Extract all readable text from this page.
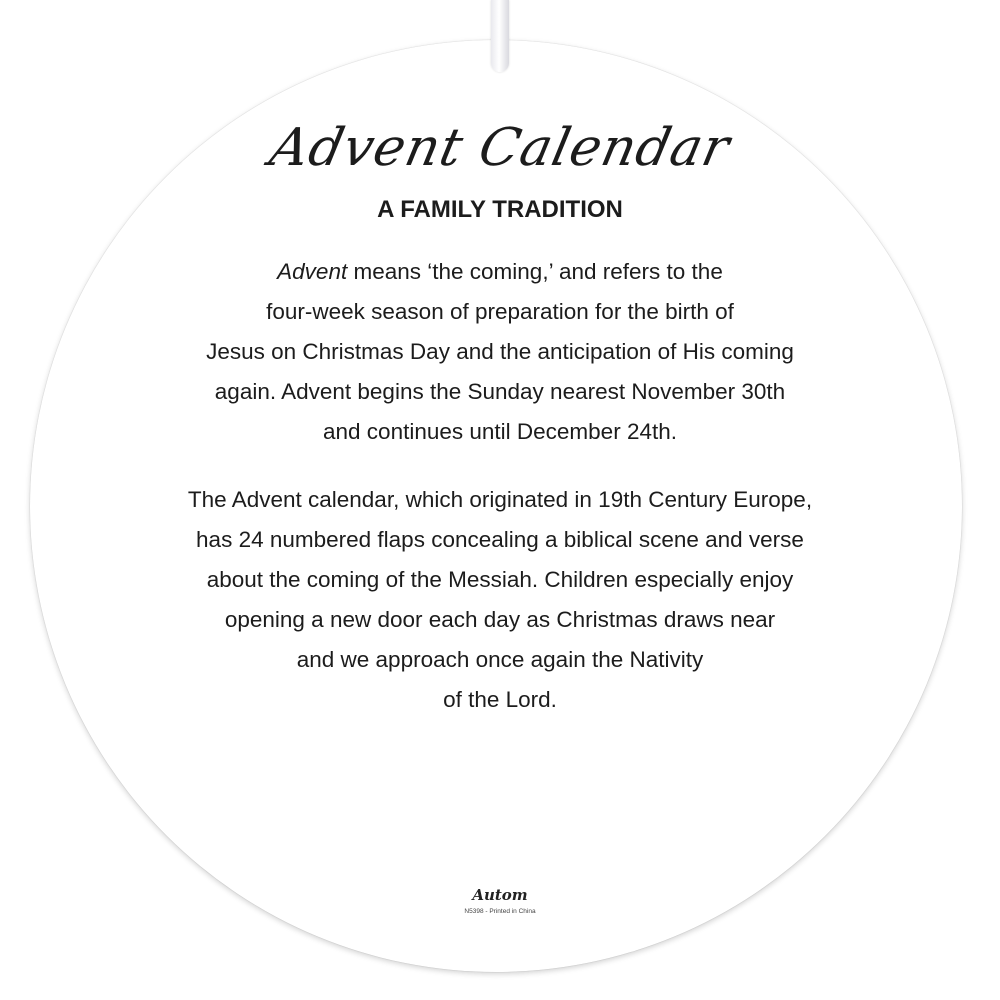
Advent Calendar
A FAMILY TRADITION
Advent means ‘the coming,’ and refers to the
four-week season of preparation for the birth of
Jesus on Christmas Day and the anticipation of His coming
again. Advent begins the Sunday nearest November 30th
and continues until December 24th.
The Advent calendar, which originated in 19th Century Europe,
has 24 numbered flaps concealing a biblical scene and verse
about the coming of the Messiah. Children especially enjoy
opening a new door each day as Christmas draws near
and we approach once again the Nativity
of the Lord.
Autom
N5398 - Printed in China
